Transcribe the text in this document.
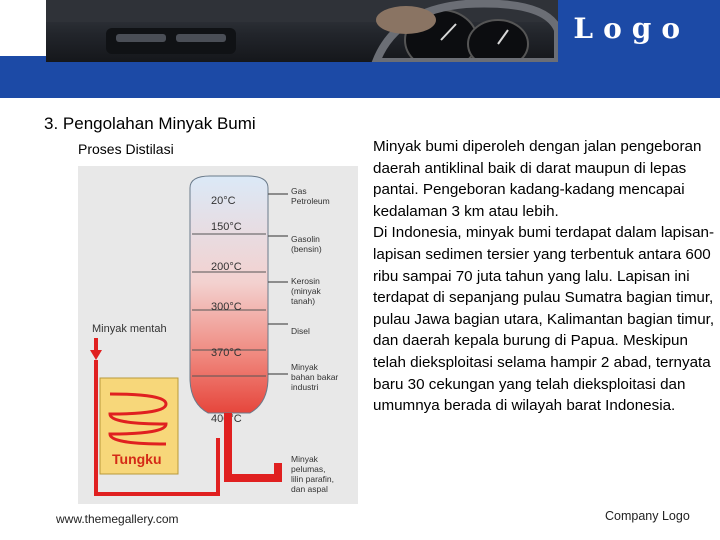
Logo
3. Pengolahan Minyak Bumi
Proses Distilasi
20°C
150°C
200°C
300°C
370°C
400°C
Gas Petroleum
Gasolin (bensin)
Kerosin (minyak tanah)
Disel
Minyak bahan bakar industri
Minyak pelumas, lilin parafin, dan aspal
Minyak mentah
Tungku
Minyak bumi diperoleh dengan jalan pengeboran daerah antiklinal baik di darat maupun di lepas pantai. Pengeboran kadang-kadang mencapai kedalaman 3 km atau lebih.
Di Indonesia, minyak bumi terdapat dalam lapisan-lapisan sedimen tersier yang terbentuk antara 600 ribu sampai 70 juta tahun yang lalu. Lapisan ini terdapat di sepanjang pulau Sumatra bagian timur, pulau Jawa bagian utara, Kalimantan bagian timur, dan daerah kepala burung di Papua. Meskipun telah dieksploitasi selama hampir 2 abad, ternyata baru 30 cekungan yang telah dieksploitasi dan umumnya berada di wilayah barat Indonesia.
www.themegallery.com	Company Logo
